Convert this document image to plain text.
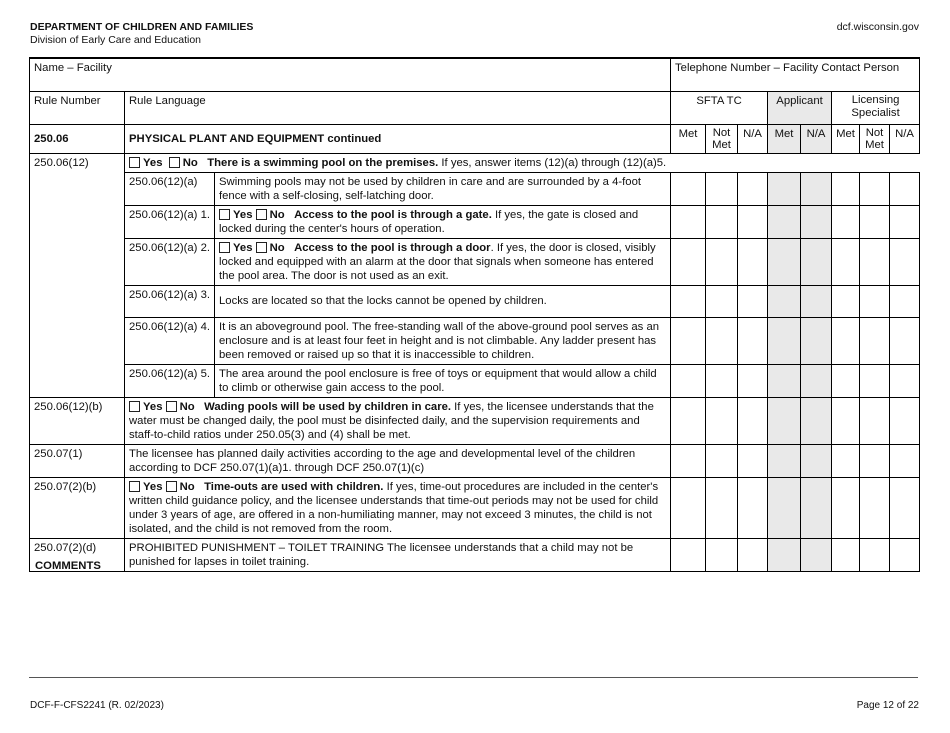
DEPARTMENT OF CHILDREN AND FAMILIES
Division of Early Care and Education
dcf.wisconsin.gov
Name – Facility			Telephone Number – Facility Contact Person							
Rule Number	Rule Language		SFTA TC			Applicant		Licensing Specialist		
250.06	PHYSICAL PLANT AND EQUIPMENT continued		Met	Not Met	N/A	Met	N/A	Met	Not Met	N/A
250.06(12)	Yes No There is a swimming pool on the premises. If yes, answer items (12)(a) through (12)(a)5.									
	250.06(12)(a)	Swimming pools may not be used by children in care and are surrounded by a 4-foot fence with a self-closing, self-latching door.								
	250.06(12)(a) 1.	Yes No Access to the pool is through a gate. If yes, the gate is closed and locked during the center's hours of operation.								
	250.06(12)(a) 2.	Yes No Access to the pool is through a door. If yes, the door is closed, visibly locked and equipped with an alarm at the door that signals when someone has entered the pool area. The door is not used as an exit.								
	250.06(12)(a) 3.	Locks are located so that the locks cannot be opened by children.								
	250.06(12)(a) 4.	It is an aboveground pool. The free-standing wall of the above-ground pool serves as an enclosure and is at least four feet in height and is not climbable. Any ladder present has been removed or raised up so that it is inaccessible to children.								
	250.06(12)(a) 5.	The area around the pool enclosure is free of toys or equipment that would allow a child to climb or otherwise gain access to the pool.								
250.06(12)(b)	Yes No Wading pools will be used by children in care. If yes, the licensee understands that the water must be changed daily, the pool must be disinfected daily, and the supervision requirements and staff-to-child ratios under 250.05(3) and (4) shall be met.									
250.07(1)	The licensee has planned daily activities according to the age and developmental level of the children according to DCF 250.07(1)(a)1. through DCF 250.07(1)(c)									
250.07(2)(b)	Yes No Time-outs are used with children. If yes, time-out procedures are included in the center's written child guidance policy, and the licensee understands that time-out periods may not be used for child under 3 years of age, are offered in a non-humiliating manner, may not exceed 3 minutes, the child is not isolated, and the child is not removed from the room.									
250.07(2)(d)	PROHIBITED PUNISHMENT – TOILET TRAINING The licensee understands that a child may not be punished for lapses in toilet training.									
COMMENTS
DCF-F-CFS2241 (R. 02/2023)	Page 12 of 22
